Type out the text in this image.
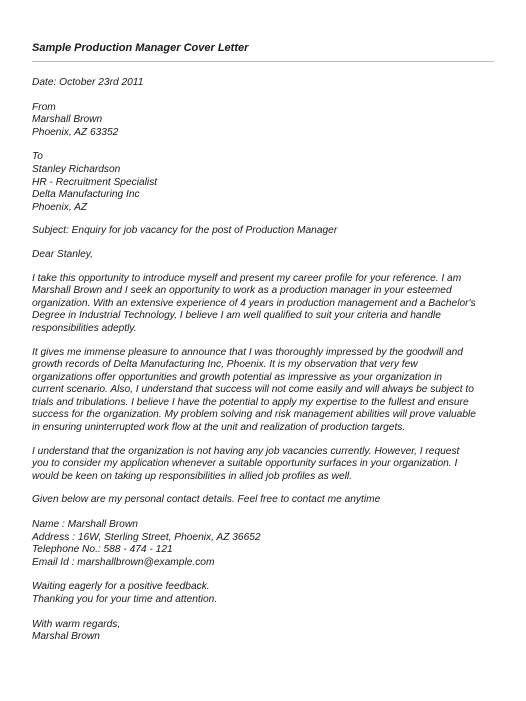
Sample Production Manager Cover Letter

Date: October 23rd 2011

From
Marshall Brown
Phoenix, AZ 63352

To
Stanley Richardson
HR - Recruitment Specialist
Delta Manufacturing Inc
Phoenix, AZ

Subject: Enquiry for job vacancy for the post of Production Manager

Dear Stanley,

I take this opportunity to introduce myself and present my career profile for your reference. I am
Marshall Brown and I seek an opportunity to work as a production manager in your esteemed
organization. With an extensive experience of 4 years in production management and a Bachelor's
Degree in Industrial Technology, I believe I am well qualified to suit your criteria and handle
responsibilities adeptly.

It gives me immense pleasure to announce that I was thoroughly impressed by the goodwill and
growth records of Delta Manufacturing Inc, Phoenix. It is my observation that very few
organizations offer opportunities and growth potential as impressive as your organization in
current scenario. Also, I understand that success will not come easily and will always be subject to
trials and tribulations. I believe I have the potential to apply my expertise to the fullest and ensure
success for the organization. My problem solving and risk management abilities will prove valuable
in ensuring uninterrupted work flow at the unit and realization of production targets.

I understand that the organization is not having any job vacancies currently. However, I request
you to consider my application whenever a suitable opportunity surfaces in your organization. I
would be keen on taking up responsibilities in allied job profiles as well.

Given below are my personal contact details. Feel free to contact me anytime

Name : Marshall Brown
Address : 16W, Sterling Street, Phoenix, AZ 36652
Telephone No.: 588 - 474 - 121
Email Id : marshallbrown@example.com

Waiting eagerly for a positive feedback.
Thanking you for your time and attention.

With warm regards,
Marshal Brown
